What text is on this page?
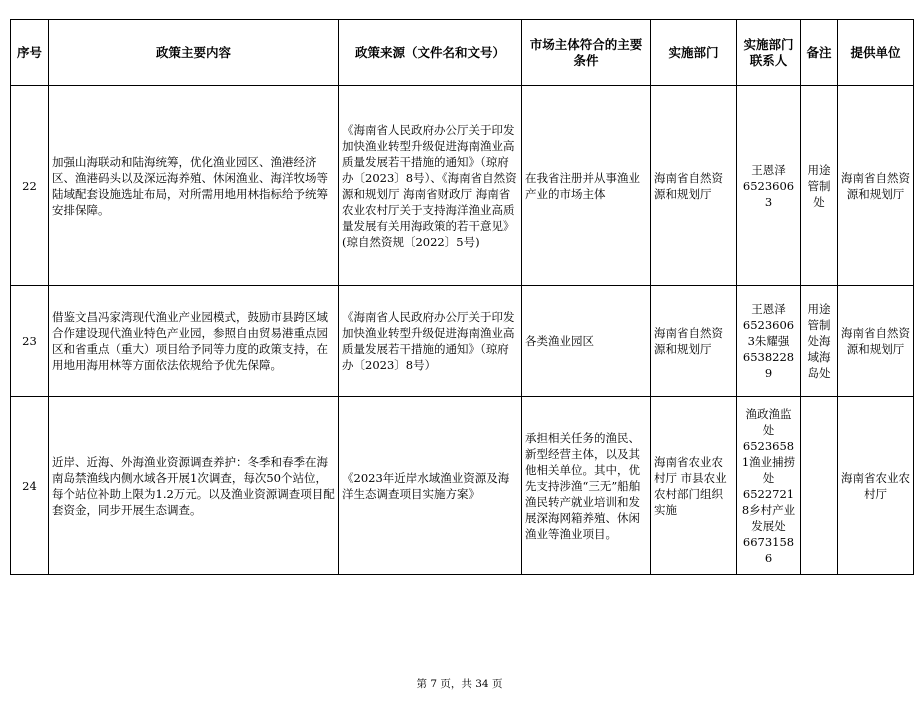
序号	政策主要内容	政策来源（文件名和文号）	市场主体符合的主要条件	实施部门	实施部门联系人	备注	提供单位
22	加强山海联动和陆海统筹，优化渔业园区、渔港经济区、渔港码头以及深远海养殖、休闲渔业、海洋牧场等陆域配套设施选址布局，对所需用地用林指标给予统筹安排保障。	《海南省人民政府办公厅关于印发加快渔业转型升级促进海南渔业高质量发展若干措施的通知》（琼府办〔2023〕8号）、《海南省自然资源和规划厅 海南省财政厅 海南省农业农村厅关于支持海洋渔业高质量发展有关用海政策的若干意见》(琼自然资规〔2022〕5号)	在我省注册并从事渔业产业的市场主体	海南省自然资源和规划厅	王恩泽65236063	用途管制处	海南省自然资源和规划厅
23	借鉴文昌冯家湾现代渔业产业园模式，鼓励市县跨区域合作建设现代渔业特色产业园，参照自由贸易港重点园区和省重点（重大）项目给予同等力度的政策支持，在用地用海用林等方面依法依规给予优先保障。	《海南省人民政府办公厅关于印发加快渔业转型升级促进海南渔业高质量发展若干措施的通知》（琼府办〔2023〕8号）	各类渔业园区	海南省自然资源和规划厅	王恩泽65236063朱耀强65382289	用途管制处海域海岛处	海南省自然资源和规划厅
24	近岸、近海、外海渔业资源调查养护：冬季和春季在海南岛禁渔线内侧水域各开展1次调查，每次50个站位，每个站位补助上限为1.2万元。以及渔业资源调查项目配套资金，同步开展生态调查。	《2023年近岸水域渔业资源及海洋生态调查项目实施方案》	承担相关任务的渔民、新型经营主体，以及其他相关单位。其中，优先支持涉渔“三无”船舶渔民转产就业培训和发展深海网箱养殖、休闲渔业等渔业项目。	海南省农业农村厅 市县农业农村部门组织实施	渔政渔监处65236581渔业捕捞处65227218乡村产业发展处66731586		海南省农业农村厅
第 7 页，共 34 页
